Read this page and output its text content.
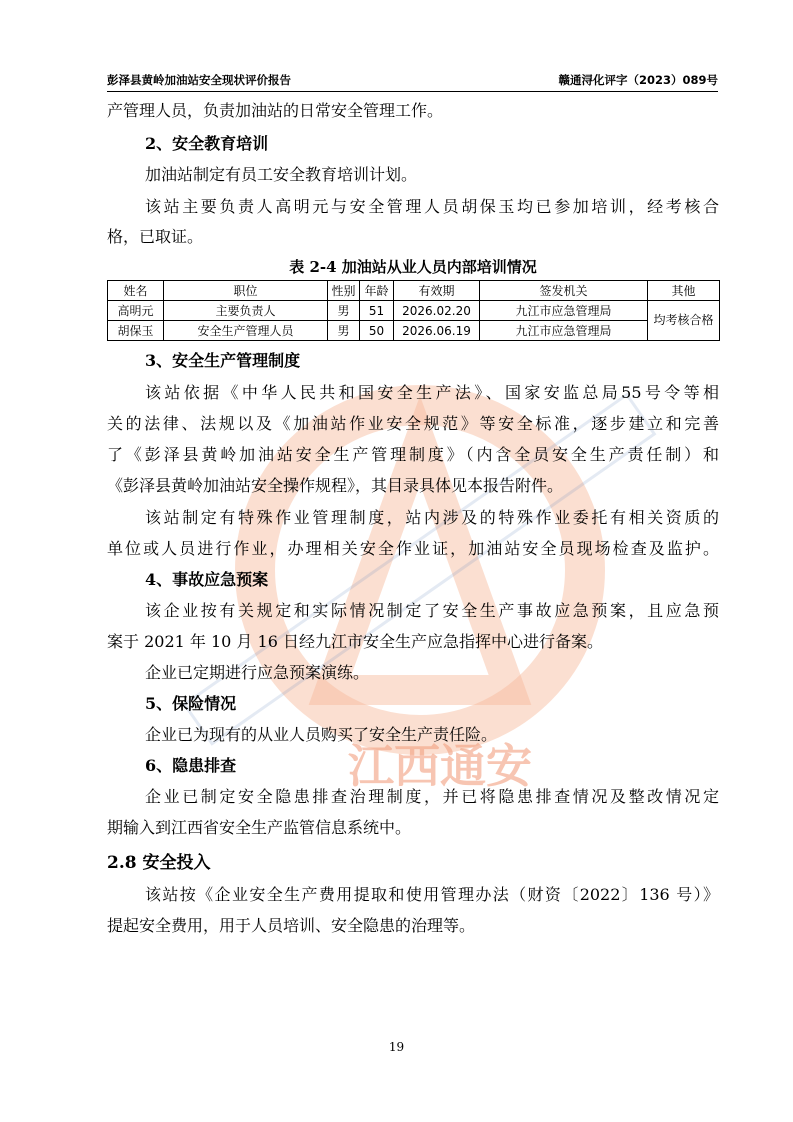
江西通安
彭泽县黄岭加油站安全现状评价报告	赣通浔化评字（2023）089号
产管理人员，负责加油站的日常安全管理工作。
2、安全教育培训
加油站制定有员工安全教育培训计划。
该站主要负责人高明元与安全管理人员胡保玉均已参加培训，经考核合
格，已取证。
表 2-4 加油站从业人员内部培训情况
姓名	职位	性别	年龄	有效期	签发机关	其他
高明元	主要负责人	男	51	2026.02.20	九江市应急管理局	均考核合格
胡保玉	安全生产管理人员	男	50	2026.06.19	九江市应急管理局	
3、安全生产管理制度
该站依据《中华人民共和国安全生产法》、国家安监总局55号令等相
关的法律、法规以及《加油站作业安全规范》等安全标准，逐步建立和完善
了《彭泽县黄岭加油站安全生产管理制度》（内含全员安全生产责任制）和
《彭泽县黄岭加油站安全操作规程》，其目录具体见本报告附件。
该站制定有特殊作业管理制度，站内涉及的特殊作业委托有相关资质的
单位或人员进行作业，办理相关安全作业证，加油站安全员现场检查及监护。
4、事故应急预案
该企业按有关规定和实际情况制定了安全生产事故应急预案，且应急预
案于 2021 年 10 月 16 日经九江市安全生产应急指挥中心进行备案。
企业已定期进行应急预案演练。
5、保险情况
企业已为现有的从业人员购买了安全生产责任险。
6、隐患排查
企业已制定安全隐患排查治理制度，并已将隐患排查情况及整改情况定
期输入到江西省安全生产监管信息系统中。
2.8 安全投入
该站按《企业安全生产费用提取和使用管理办法（财资〔2022〕136 号）》
提起安全费用，用于人员培训、安全隐患的治理等。
19
